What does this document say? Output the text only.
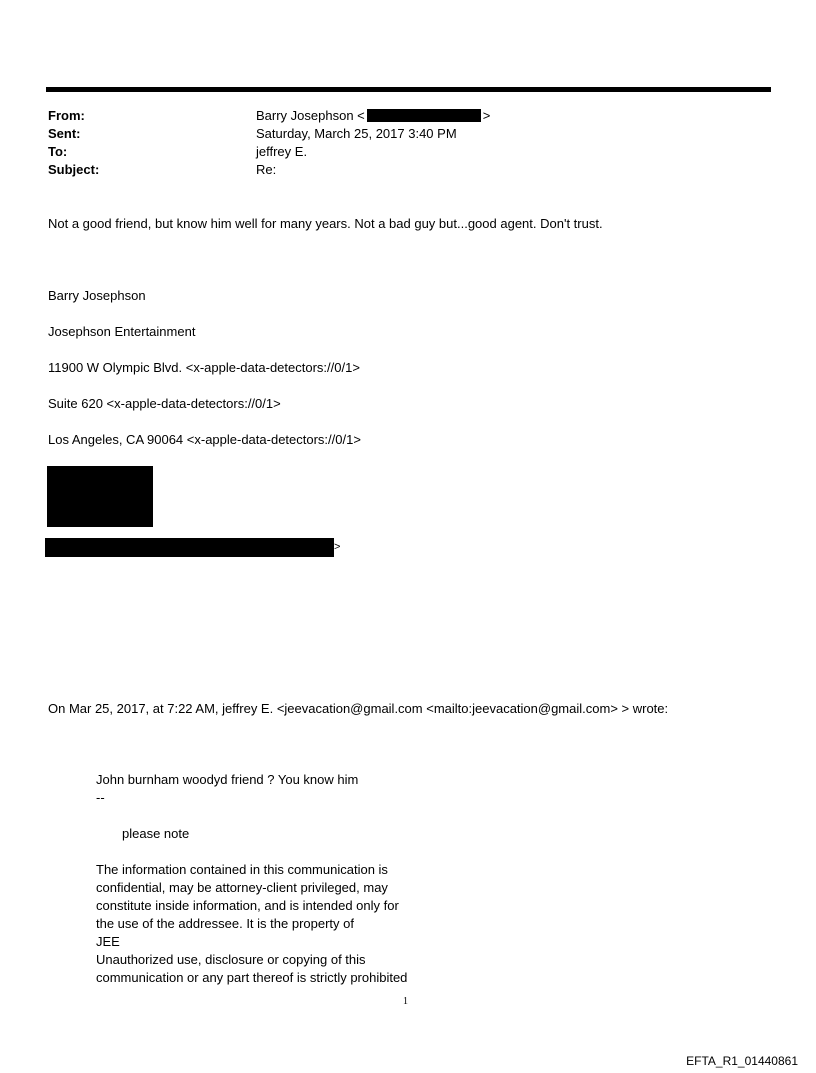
From:	Barry Josephson <	>
Sent:	Saturday, March 25, 2017 3:40 PM
To:	jeffrey E.
Subject:	Re:
Not a good friend, but know him well for many years. Not a bad guy but...good agent. Don't trust.
Barry Josephson
Josephson Entertainment
11900 W Olympic Blvd. <x-apple-data-detectors://0/1>
Suite 620 <x-apple-data-detectors://0/1>
Los Angeles, CA 90064 <x-apple-data-detectors://0/1>
>
On Mar 25, 2017, at 7:22 AM, jeffrey E. <jeevacation@gmail.com <mailto:jeevacation@gmail.com> > wrote:
John burnham woodyd friend ? You know him
--
please note
The information contained in this communication is
confidential, may be attorney-client privileged, may
constitute inside information, and is intended only for
the use of the addressee. It is the property of
JEE
Unauthorized use, disclosure or copying of this
communication or any part thereof is strictly prohibited
1
EFTA_R1_01440861
